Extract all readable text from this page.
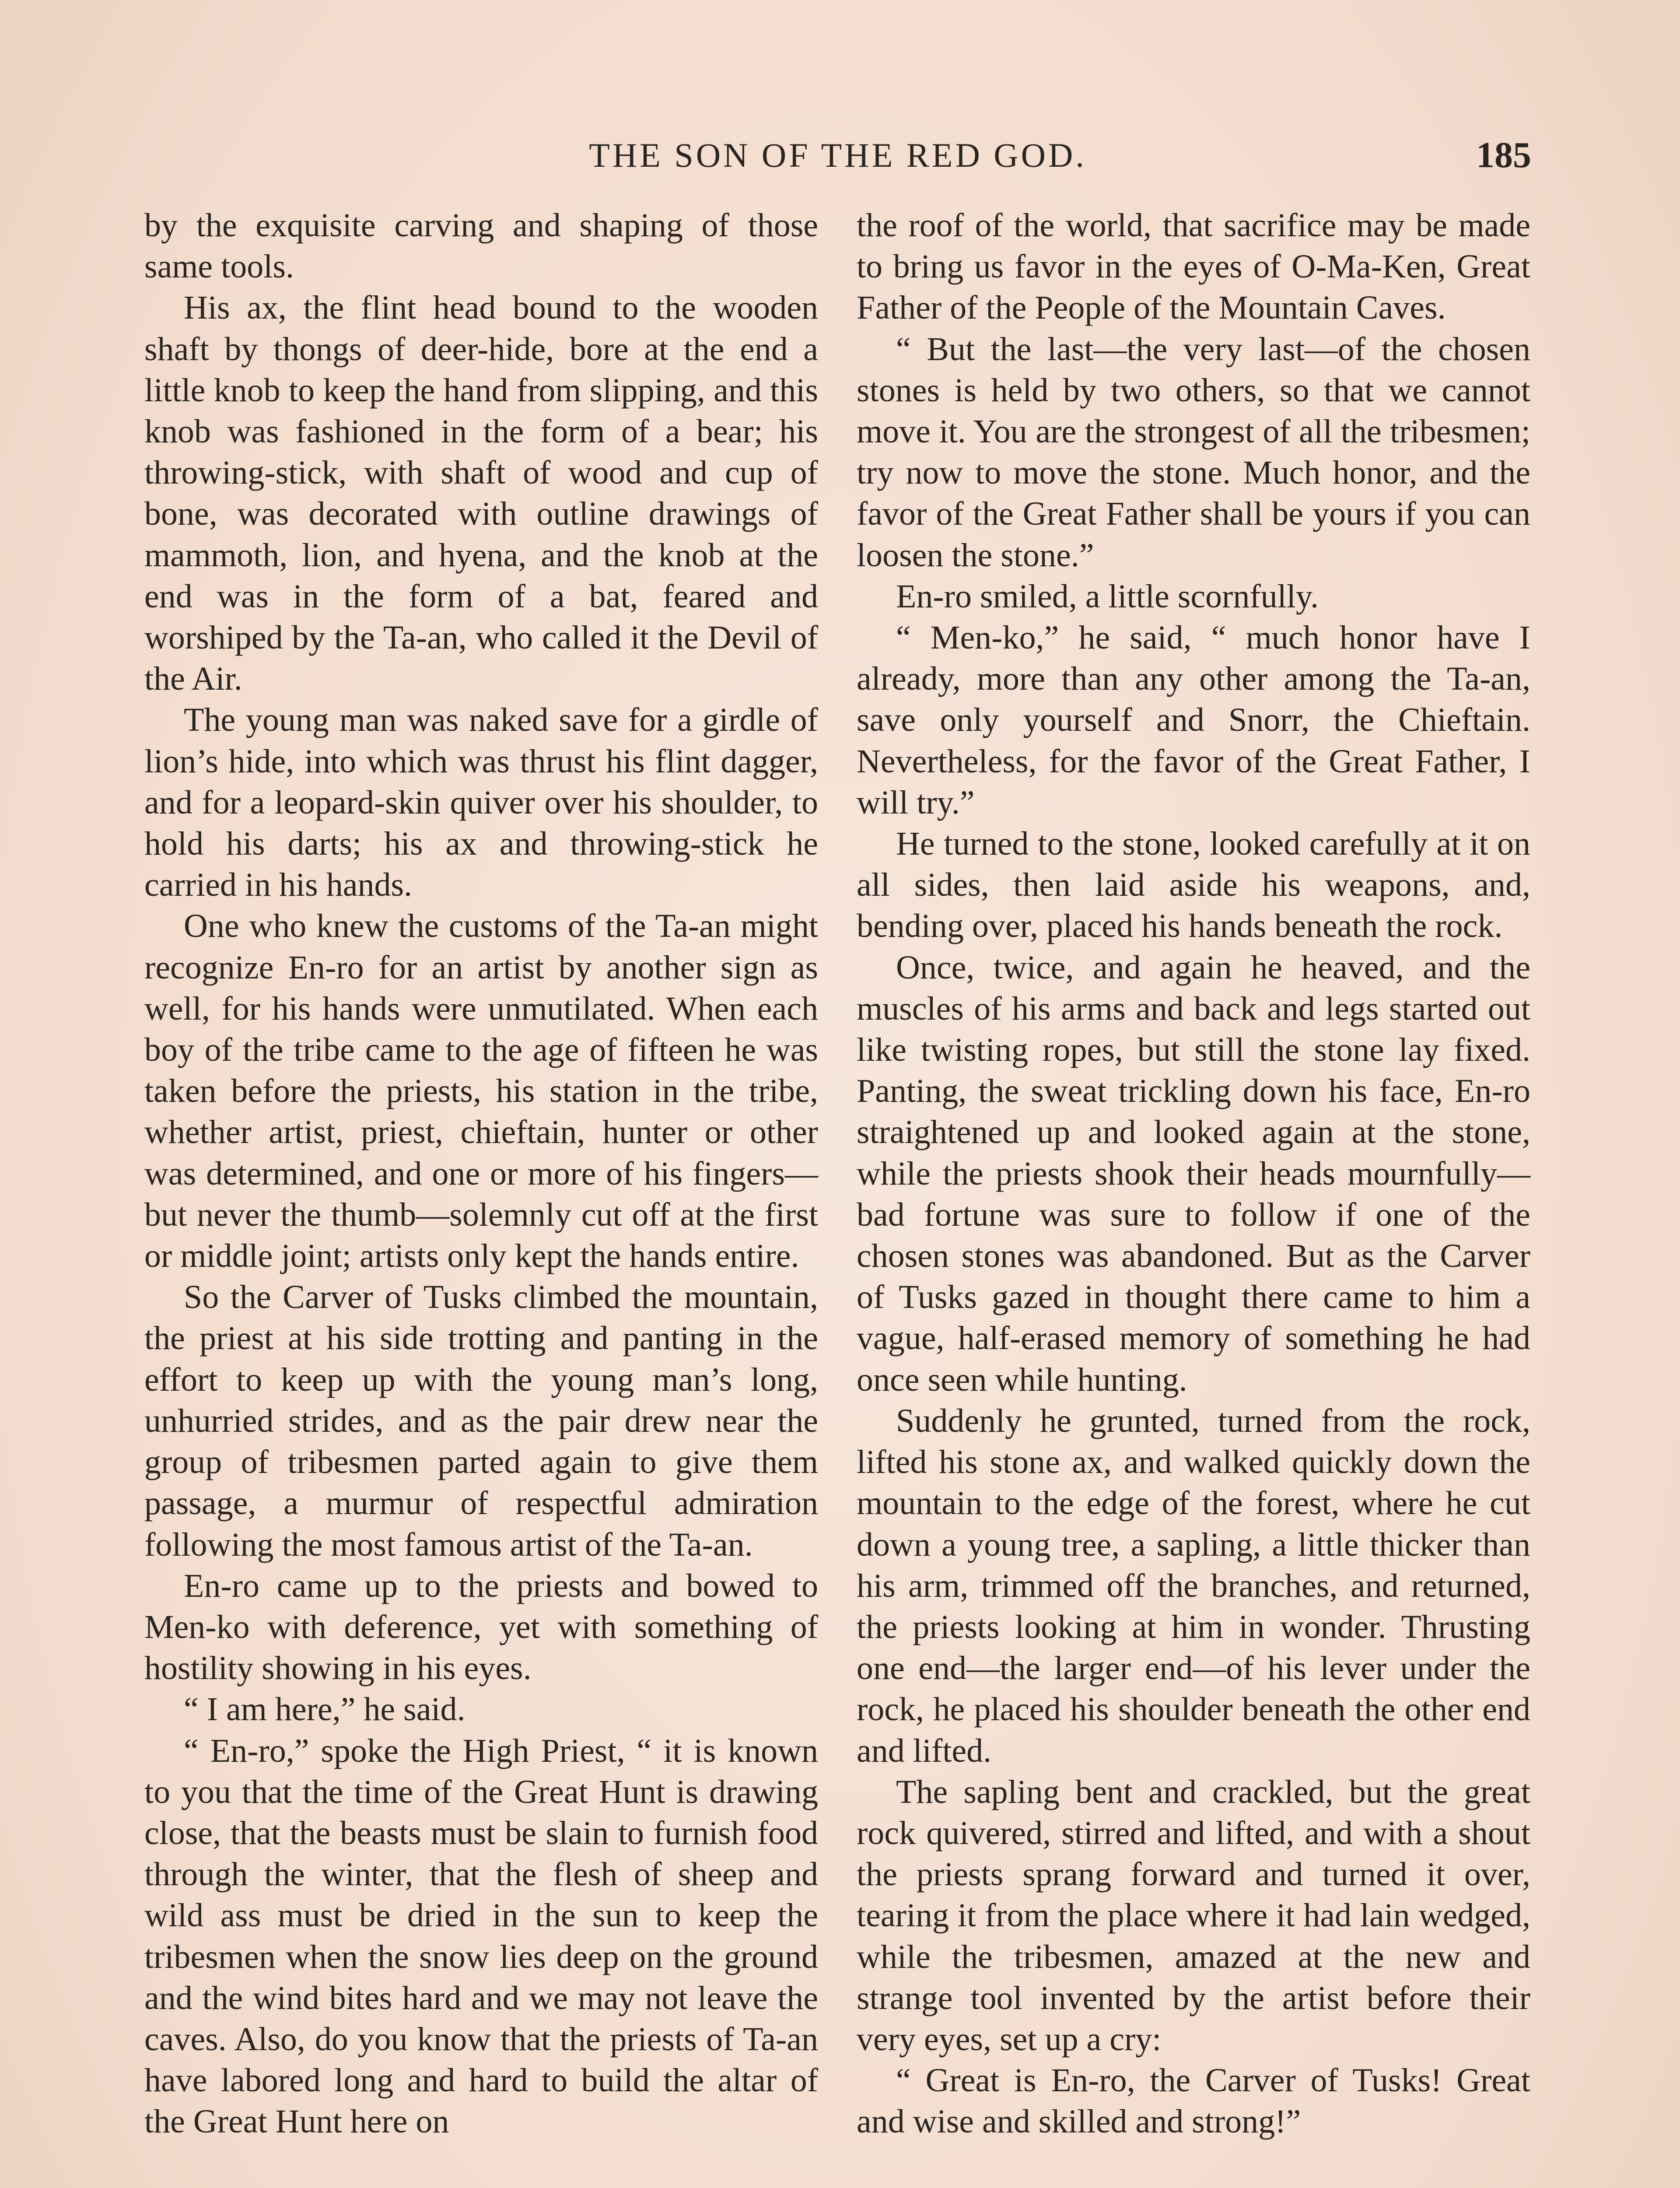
THE SON OF THE RED GOD.	185

by the exquisite carving and shaping of those same tools.

His ax, the flint head bound to the wooden shaft by thongs of deer-hide, bore at the end a little knob to keep the hand from slipping, and this knob was fashioned in the form of a bear; his throwing-stick, with shaft of wood and cup of bone, was decorated with outline drawings of mammoth, lion, and hyena, and the knob at the end was in the form of a bat, feared and worshiped by the Ta-an, who called it the Devil of the Air.

The young man was naked save for a girdle of lion’s hide, into which was thrust his flint dagger, and for a leopard-skin quiver over his shoulder, to hold his darts; his ax and throwing-stick he carried in his hands.

One who knew the customs of the Ta-an might recognize En-ro for an artist by another sign as well, for his hands were unmutilated. When each boy of the tribe came to the age of fifteen he was taken before the priests, his station in the tribe, whether artist, priest, chieftain, hunter or other was determined, and one or more of his fingers—but never the thumb—solemnly cut off at the first or middle joint; artists only kept the hands entire.

So the Carver of Tusks climbed the mountain, the priest at his side trotting and panting in the effort to keep up with the young man’s long, unhurried strides, and as the pair drew near the group of tribesmen parted again to give them passage, a murmur of respectful admiration following the most famous artist of the Ta-an.

En-ro came up to the priests and bowed to Men-ko with deference, yet with something of hostility showing in his eyes.

“ I am here,” he said.

“ En-ro,” spoke the High Priest, “ it is known to you that the time of the Great Hunt is drawing close, that the beasts must be slain to furnish food through the winter, that the flesh of sheep and wild ass must be dried in the sun to keep the tribesmen when the snow lies deep on the ground and the wind bites hard and we may not leave the caves. Also, do you know that the priests of Ta-an have labored long and hard to build the altar of the Great Hunt here on

the roof of the world, that sacrifice may be made to bring us favor in the eyes of O-Ma-Ken, Great Father of the People of the Mountain Caves.

“ But the last—the very last—of the chosen stones is held by two others, so that we cannot move it. You are the strongest of all the tribesmen; try now to move the stone. Much honor, and the favor of the Great Father shall be yours if you can loosen the stone.”

En-ro smiled, a little scornfully.

“ Men-ko,” he said, “ much honor have I already, more than any other among the Ta-an, save only yourself and Snorr, the Chieftain. Nevertheless, for the favor of the Great Father, I will try.”

He turned to the stone, looked carefully at it on all sides, then laid aside his weapons, and, bending over, placed his hands beneath the rock.

Once, twice, and again he heaved, and the muscles of his arms and back and legs started out like twisting ropes, but still the stone lay fixed. Panting, the sweat trickling down his face, En-ro straightened up and looked again at the stone, while the priests shook their heads mournfully—bad fortune was sure to follow if one of the chosen stones was abandoned. But as the Carver of Tusks gazed in thought there came to him a vague, half-erased memory of something he had once seen while hunting.

Suddenly he grunted, turned from the rock, lifted his stone ax, and walked quickly down the mountain to the edge of the forest, where he cut down a young tree, a sapling, a little thicker than his arm, trimmed off the branches, and returned, the priests looking at him in wonder. Thrusting one end—the larger end—of his lever under the rock, he placed his shoulder beneath the other end and lifted.

The sapling bent and crackled, but the great rock quivered, stirred and lifted, and with a shout the priests sprang forward and turned it over, tearing it from the place where it had lain wedged, while the tribesmen, amazed at the new and strange tool invented by the artist before their very eyes, set up a cry:

“ Great is En-ro, the Carver of Tusks! Great and wise and skilled and strong!”
